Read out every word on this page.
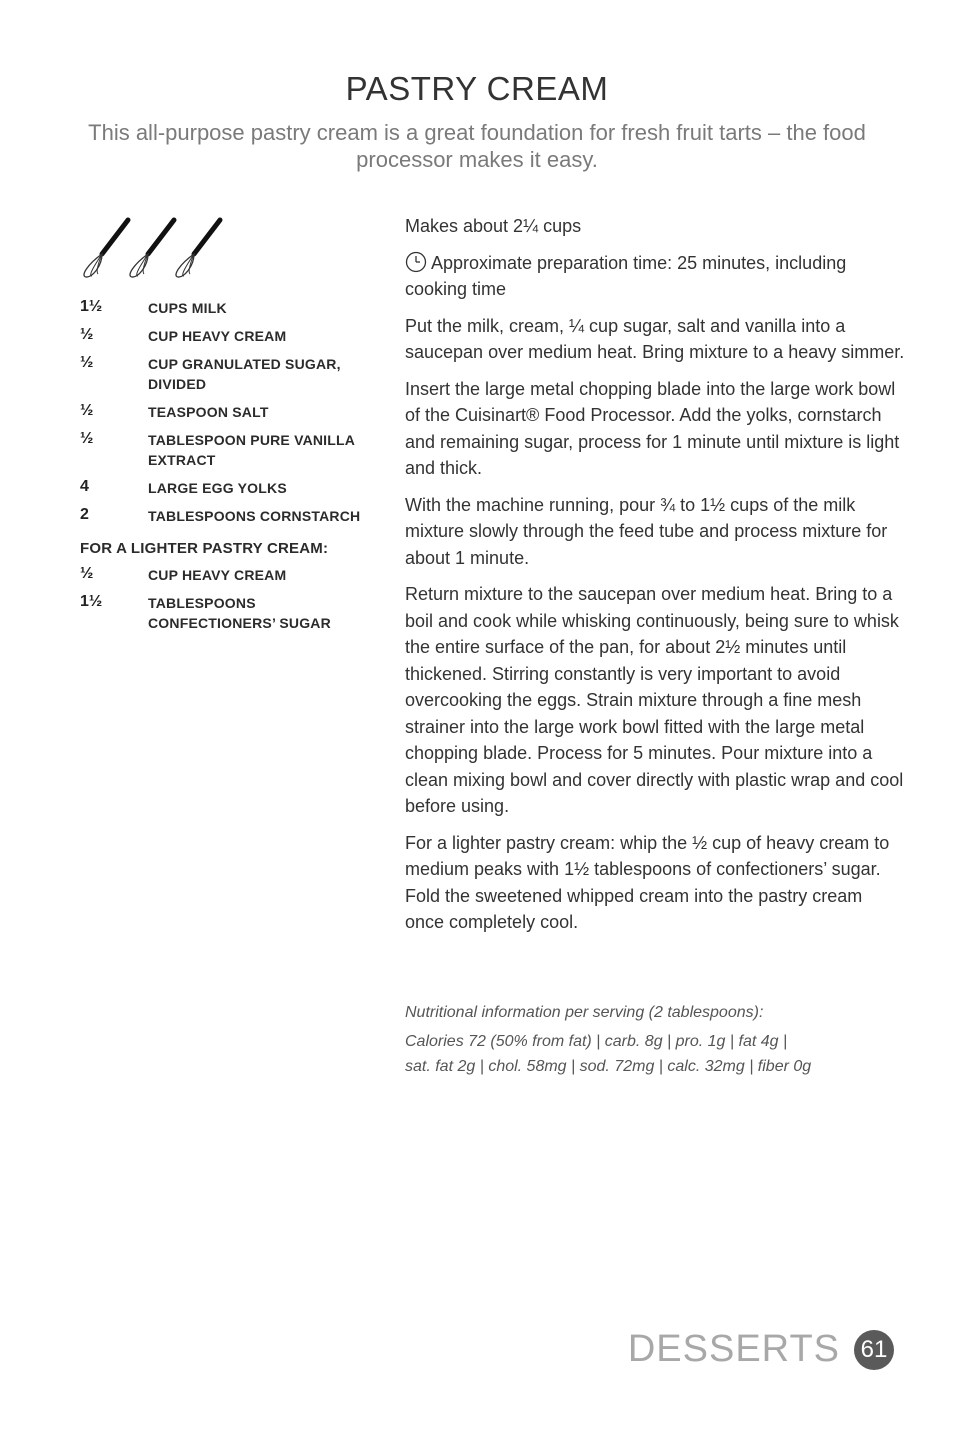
PASTRY CREAM

This all-purpose pastry cream is a great foundation for fresh fruit tarts – the food processor makes it easy.

1½	CUPS MILK
½	CUP HEAVY CREAM
½	CUP GRANULATED SUGAR, DIVIDED
½	TEASPOON SALT
½	TABLESPOON PURE VANILLA EXTRACT
4	LARGE EGG YOLKS
2	TABLESPOONS CORNSTARCH
FOR A LIGHTER PASTRY CREAM:
½	CUP HEAVY CREAM
1½	TABLESPOONS CONFECTIONERS’ SUGAR

Makes about 2¼ cups

Approximate preparation time: 25 minutes, including cooking time

Put the milk, cream, ¼ cup sugar, salt and vanilla into a saucepan over medium heat. Bring mixture to a heavy simmer.

Insert the large metal chopping blade into the large work bowl of the Cuisinart® Food Processor. Add the yolks, cornstarch and remaining sugar, process for 1 minute until mixture is light and thick.

With the machine running, pour ¾ to 1½ cups of the milk mixture slowly through the feed tube and process mixture for about 1 minute.

Return mixture to the saucepan over medium heat. Bring to a boil and cook while whisking continuously, being sure to whisk the entire surface of the pan, for about 2½ minutes until thickened. Stirring constantly is very important to avoid overcooking the eggs. Strain mixture through a fine mesh strainer into the large work bowl fitted with the large metal chopping blade. Process for 5 minutes. Pour mixture into a clean mixing bowl and cover directly with plastic wrap and cool before using.

For a lighter pastry cream: whip the ½ cup of heavy cream to medium peaks with 1½ tablespoons of confectioners’ sugar. Fold the sweetened whipped cream into the pastry cream once completely cool.

Nutritional information per serving (2 tablespoons):

Calories 72 (50% from fat) | carb. 8g | pro. 1g | fat 4g |
sat. fat 2g | chol. 58mg | sod. 72mg | calc. 32mg | fiber 0g
DESSERTS 61
